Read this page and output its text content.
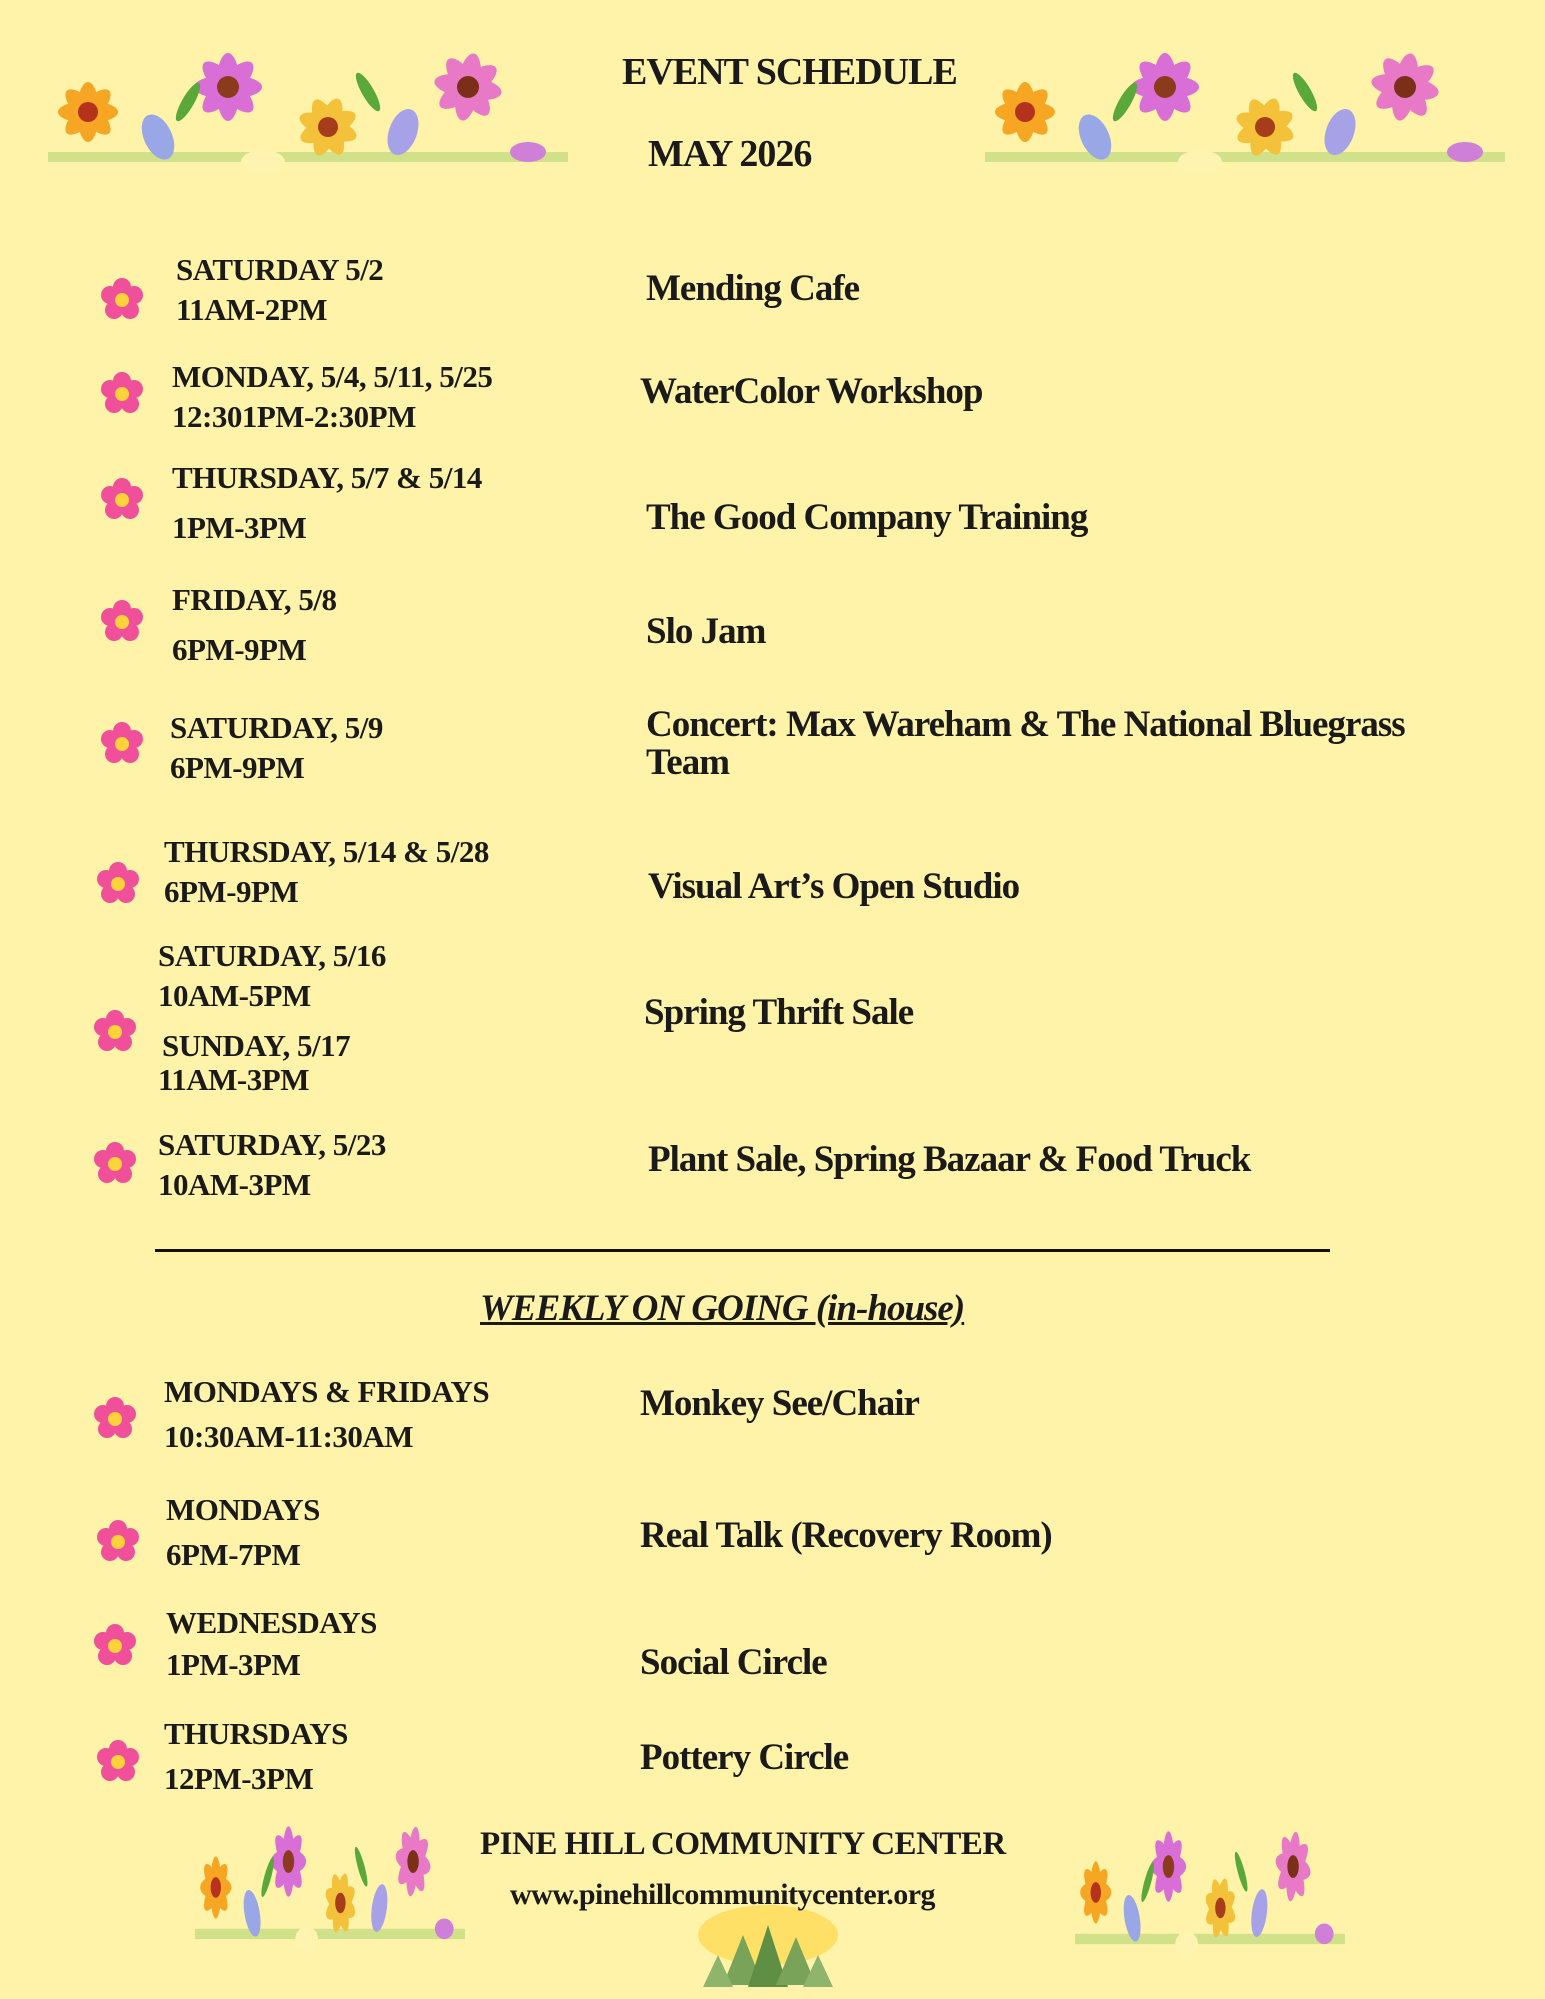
EVENT SCHEDULE
MAY 2026
SATURDAY 5/2
11AM-2PM
Mending Cafe
MONDAY, 5/4, 5/11, 5/25
12:301PM-2:30PM
WaterColor Workshop
THURSDAY, 5/7 & 5/14
1PM-3PM	The Good Company Training
FRIDAY, 5/8
6PM-9PM	Slo Jam
SATURDAY, 5/9
6PM-9PM
Concert: Max Wareham & The National Bluegrass Team
THURSDAY, 5/14 & 5/28
6PM-9PM	Visual Art’s Open Studio
SATURDAY, 5/16
10AM-5PM
SUNDAY, 5/17
11AM-3PM
Spring Thrift Sale
SATURDAY, 5/23
10AM-3PM
Plant Sale, Spring Bazaar & Food Truck
WEEKLY ON GOING (in-house)
MONDAYS & FRIDAYS
10:30AM-11:30AM
Monkey See/Chair
MONDAYS
6PM-7PM	Real Talk (Recovery Room)
WEDNESDAYS
1PM-3PM	Social Circle
THURSDAYS
12PM-3PM
Pottery Circle
PINE HILL COMMUNITY CENTER
www.pinehillcommunitycenter.org
